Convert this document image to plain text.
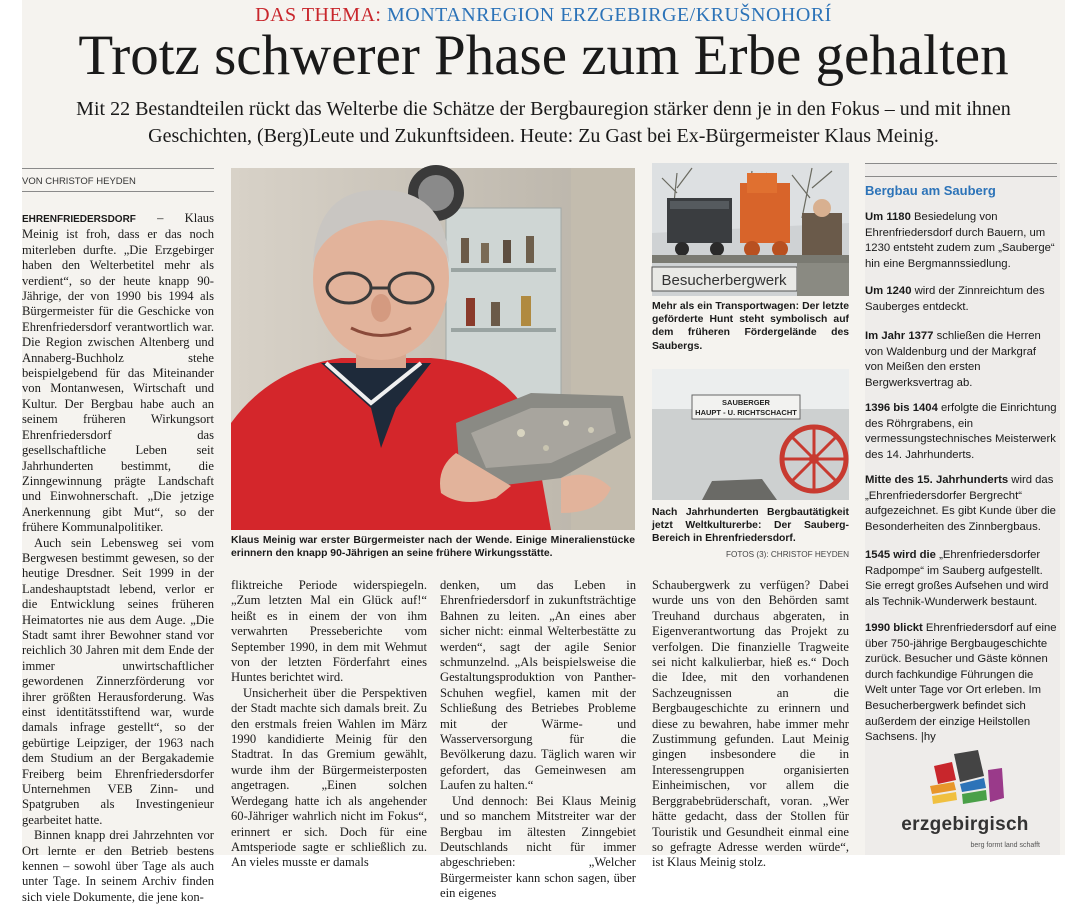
DAS THEMA: MONTANREGION ERZGEBIRGE/KRUŠNOHORÍ
Trotz schwerer Phase zum Erbe gehalten
Mit 22 Bestandteilen rückt das Welterbe die Schätze der Bergbauregion stärker denn je in den Fokus – und mit ihnen Geschichten, (Berg)Leute und Zukunftsideen. Heute: Zu Gast bei Ex-Bürgermeister Klaus Meinig.
VON CHRISTOF HEYDEN

EHRENFRIEDERSDORF – Klaus Meinig ist froh, dass er das noch miterleben durfte. „Die Erzgebirger haben den Welterbetitel mehr als verdient“, so der heute knapp 90-Jährige, der von 1990 bis 1994 als Bürgermeister für die Geschicke von Ehrenfriedersdorf verantwortlich war. Die Region zwischen Altenberg und Annaberg-Buchholz stehe beispielgebend für das Miteinander von Montanwesen, Wirtschaft und Kultur. Der Bergbau habe auch an seinem früheren Wirkungsort Ehrenfriedersdorf das gesellschaftliche Leben seit Jahrhunderten bestimmt, die Zinngewinnung prägte Landschaft und Einwohnerschaft. „Die jetzige Anerkennung gibt Mut“, so der frühere Kommunalpolitiker.

Auch sein Lebensweg sei vom Bergwesen bestimmt gewesen, so der heutige Dresdner. Seit 1999 in der Landeshauptstadt lebend, verlor er die Entwicklung seines früheren Heimatortes nie aus dem Auge. „Die Stadt samt ihrer Bewohner stand vor reichlich 30 Jahren mit dem Ende der immer unwirtschaftlicher gewordenen Zinnerzförderung vor ihrer größten Herausforderung. Was einst identitätsstiftend war, wurde damals infrage gestellt“, so der gebürtige Leipziger, der 1963 nach dem Studium an der Bergakademie Freiberg beim Ehrenfriedersdorfer Unternehmen VEB Zinn- und Spatgruben als Investingenieur gearbeitet hatte.

Binnen knapp drei Jahrzehnten vor Ort lernte er den Betrieb bestens kennen – sowohl über Tage als auch unter Tage. In seinem Archiv finden sich viele Dokumente, die jene kon-

Klaus Meinig war erster Bürgermeister nach der Wende. Einige Mineralienstücke erinnern den knapp 90-Jährigen an seine frühere Wirkungsstätte.
Besucherbergwerk
Mehr als ein Transportwagen: Der letzte geförderte Hunt steht symbolisch auf dem früheren Fördergelände des Saubergs.
SAUBERGER
HAUPT - U. RICHTSCHACHT
Nach Jahrhunderten Bergbautätigkeit jetzt Weltkulturerbe: Der Sauberg-Bereich in Ehrenfriedersdorf.
FOTOS (3): CHRISTOF HEYDEN

fliktreiche Periode widerspiegeln. „Zum letzten Mal ein Glück auf!“ heißt es in einem der von ihm verwahrten Presseberichte vom September 1990, in dem mit Wehmut von der letzten Förderfahrt eines Huntes berichtet wird.

Unsicherheit über die Perspektiven der Stadt machte sich damals breit. Zu den erstmals freien Wahlen im März 1990 kandidierte Meinig für den Stadtrat. In das Gremium gewählt, wurde ihm der Bürgermeisterposten angetragen. „Einen solchen Werdegang hatte ich als angehender 60-Jähriger wahrlich nicht im Fokus“, erinnert er sich. Doch für eine Amtsperiode sagte er schließlich zu. An vieles musste er damals

denken, um das Leben in Ehrenfriedersdorf in zukunftsträchtige Bahnen zu leiten. „An eines aber sicher nicht: einmal Welterbestätte zu werden“, sagt der agile Senior schmunzelnd. „Als beispielsweise die Gestaltungsproduktion von Panther-Schuhen wegfiel, kamen mit der Schließung des Betriebes Probleme mit der Wärme- und Wasserversorgung für die Bevölkerung dazu. Täglich waren wir gefordert, das Gemeinwesen am Laufen zu halten.“

Und dennoch: Bei Klaus Meinig und so manchem Mitstreiter war der Bergbau im ältesten Zinngebiet Deutschlands nicht für immer abgeschrieben: „Welcher Bürgermeister kann schon sagen, über ein eigenes

Schaubergwerk zu verfügen? Dabei wurde uns von den Behörden samt Treuhand durchaus abgeraten, in Eigenverantwortung das Projekt zu verfolgen. Die finanzielle Tragweite sei nicht kalkulierbar, hieß es.“ Doch die Idee, mit den vorhandenen Sachzeugnissen an die Bergbaugeschichte zu erinnern und diese zu bewahren, habe immer mehr Zustimmung gefunden. Laut Meinig gingen insbesondere die in Interessengruppen organisierten Einheimischen, vor allem die Berggrabebrüderschaft, voran. „Wer hätte gedacht, dass der Stollen für Touristik und Gesundheit einmal eine so gefragte Adresse werden würde“, ist Klaus Meinig stolz.

Bergbau am Sauberg
Um 1180 Besiedelung von Ehrenfriedersdorf durch Bauern, um 1230 entsteht zudem zum „Sauberge“ hin eine Bergmannssiedlung.
Um 1240 wird der Zinnreichtum des Sauberges entdeckt.
Im Jahr 1377 schließen die Herren von Waldenburg und der Markgraf von Meißen den ersten Bergwerksvertrag ab.
1396 bis 1404 erfolgte die Einrichtung des Röhrgrabens, ein vermessungstechnisches Meisterwerk des 14. Jahrhunderts.
Mitte des 15. Jahrhunderts wird das „Ehrenfriedersdorfer Bergrecht“ aufgezeichnet. Es gibt Kunde über die Besonderheiten des Zinnbergbaus.
1545 wird die „Ehrenfriedersdorfer Radpompe“ im Sauberg aufgestellt. Sie erregt großes Aufsehen und wird als Technik-Wunderwerk bestaunt.
1990 blickt Ehrenfriedersdorf auf eine über 750-jährige Bergbaugeschichte zurück. Besucher und Gäste können durch fachkundige Führungen die Welt unter Tage vor Ort erleben. Im Besucherbergwerk befindet sich außerdem der einzige Heilstollen Sachsens. |hy
erzgebirgisch
berg formt land schafft
